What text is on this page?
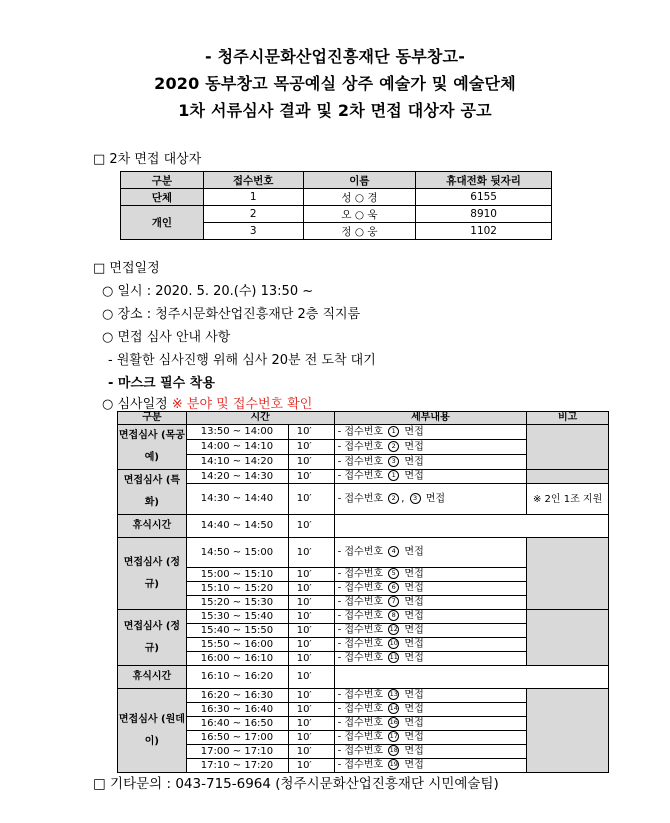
- 청주시문화산업진흥재단 동부창고-
2020 동부창고 목공예실 상주 예술가 및 예술단체
1차 서류심사 결과 및 2차 면접 대상자 공고
□ 2차 면접 대상자
구분	접수번호	이름	휴대전화 뒷자리
단체	1	성 ○ 경	6155
개인	2	오 ○ 욱	8910
	3	정 ○ 웅	1102
□ 면접일정
○ 일시 : 2020. 5. 20.(수) 13:50 ~
○ 장소 : 청주시문화산업진흥재단 2층 직지룸
○ 면접 심사 안내 사항
- 원활한 심사진행 위해 심사 20분 전 도착 대기
- 마스크 필수 착용
○ 심사일정 ※ 분야 및 접수번호 확인
구분	시간		세부내용	비고
면접심사 (목공예)	13:50 ~ 14:00	10′	- 접수번호 1 면접	
	14:00 ~ 14:10	10′	- 접수번호 2 면접	
	14:10 ~ 14:20	10′	- 접수번호 3 면접	
면접심사 (특화)	14:20 ~ 14:30	10′	- 접수번호 1 면접	
	14:30 ~ 14:40	10′	- 접수번호 2 , 3 면접	※ 2인 1조 지원
휴식시간	14:40 ~ 14:50	10′		
면접심사 (정규)	14:50 ~ 15:00	10′	- 접수번호 4 면접	
	15:00 ~ 15:10	10′	- 접수번호 5 면접	
	15:10 ~ 15:20	10′	- 접수번호 6 면접	
	15:20 ~ 15:30	10′	- 접수번호 7 면접	
면접심사 (정규)	15:30 ~ 15:40	10′	- 접수번호 8 면접	
	15:40 ~ 15:50	10′	- 접수번호 12 면접	
	15:50 ~ 16:00	10′	- 접수번호 10 면접	
	16:00 ~ 16:10	10′	- 접수번호 11 면접	
휴식시간	16:10 ~ 16:20	10′		
면접심사 (원데이)	16:20 ~ 16:30	10′	- 접수번호 13 면접	
	16:30 ~ 16:40	10′	- 접수번호 14 면접	
	16:40 ~ 16:50	10′	- 접수번호 16 면접	
	16:50 ~ 17:00	10′	- 접수번호 17 면접	
	17:00 ~ 17:10	10′	- 접수번호 18 면접	
	17:10 ~ 17:20	10′	- 접수번호 19 면접	
□ 기타문의 : 043-715-6964 (청주시문화산업진흥재단 시민예술팀)
